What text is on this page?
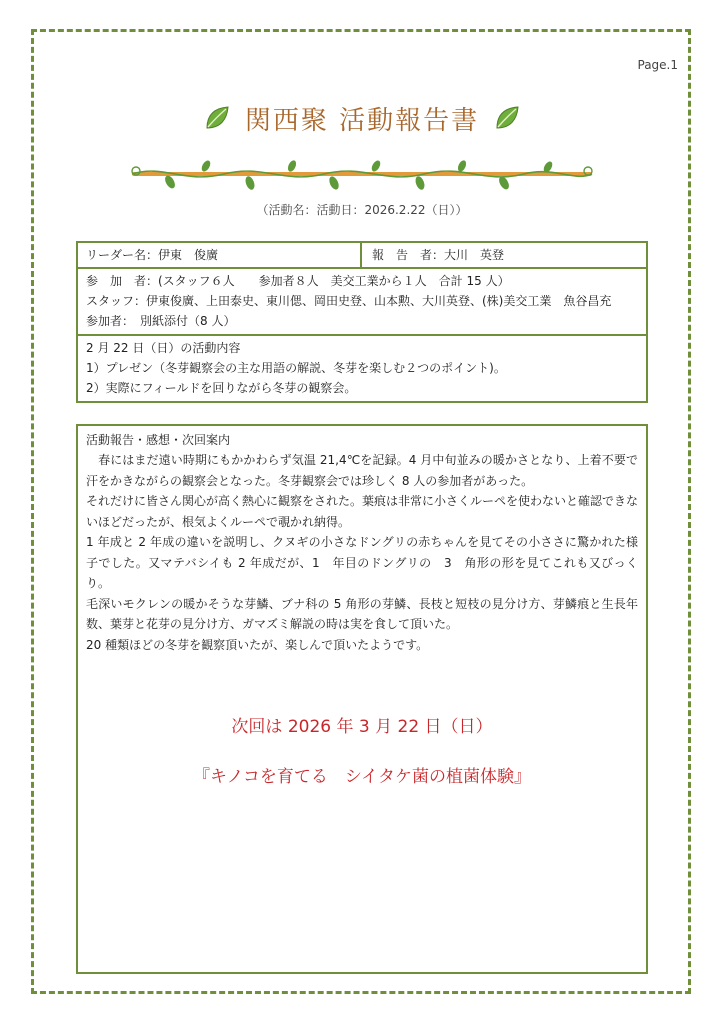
Page.1
関西聚 活動報告書
（活動名：活動日：2026.2.22（日））
リーダー名：伊東　俊廣	報　告　者：大川　英登
参　加　者：(スタッフ６人　　参加者８人　美交工業から１人　合計 15 人）
スタッフ：伊東俊廣、上田泰史、東川偲、岡田史登、山本勲、大川英登、(株)美交工業　魚谷昌充
参加者：　別紙添付（8 人）
2 月 22 日（日）の活動内容
1）プレゼン（冬芽観察会の主な用語の解説、冬芽を楽しむ２つのポイント)。
2）実際にフィールドを回りながら冬芽の観察会。
活動報告・感想・次回案内

　春にはまだ遠い時期にもかかわらず気温 21,4℃を記録。4 月中旬並みの暖かさとなり、上着不要で汗をかきながらの観察会となった。冬芽観察会では珍しく 8 人の参加者があった。

それだけに皆さん関心が高く熱心に観察をされた。葉痕は非常に小さくルーペを使わないと確認できないほどだったが、根気よくルーペで覗かれ納得。

1 年成と 2 年成の違いを説明し、クヌギの小さなドングリの赤ちゃんを見てその小ささに驚かれた様子でした。又マテバシイも 2 年成だが、1　年目のドングリの　3　角形の形を見てこれも又びっくり。

毛深いモクレンの暖かそうな芽鱗、ブナ科の 5 角形の芽鱗、長枝と短枝の見分け方、芽鱗痕と生長年数、葉芽と花芽の見分け方、ガマズミ解説の時は実を食して頂いた。

20 種類ほどの冬芽を観察頂いたが、楽しんで頂いたようです。

次回は 2026 年 3 月 22 日（日）
『キノコを育てる　シイタケ菌の植菌体験』
